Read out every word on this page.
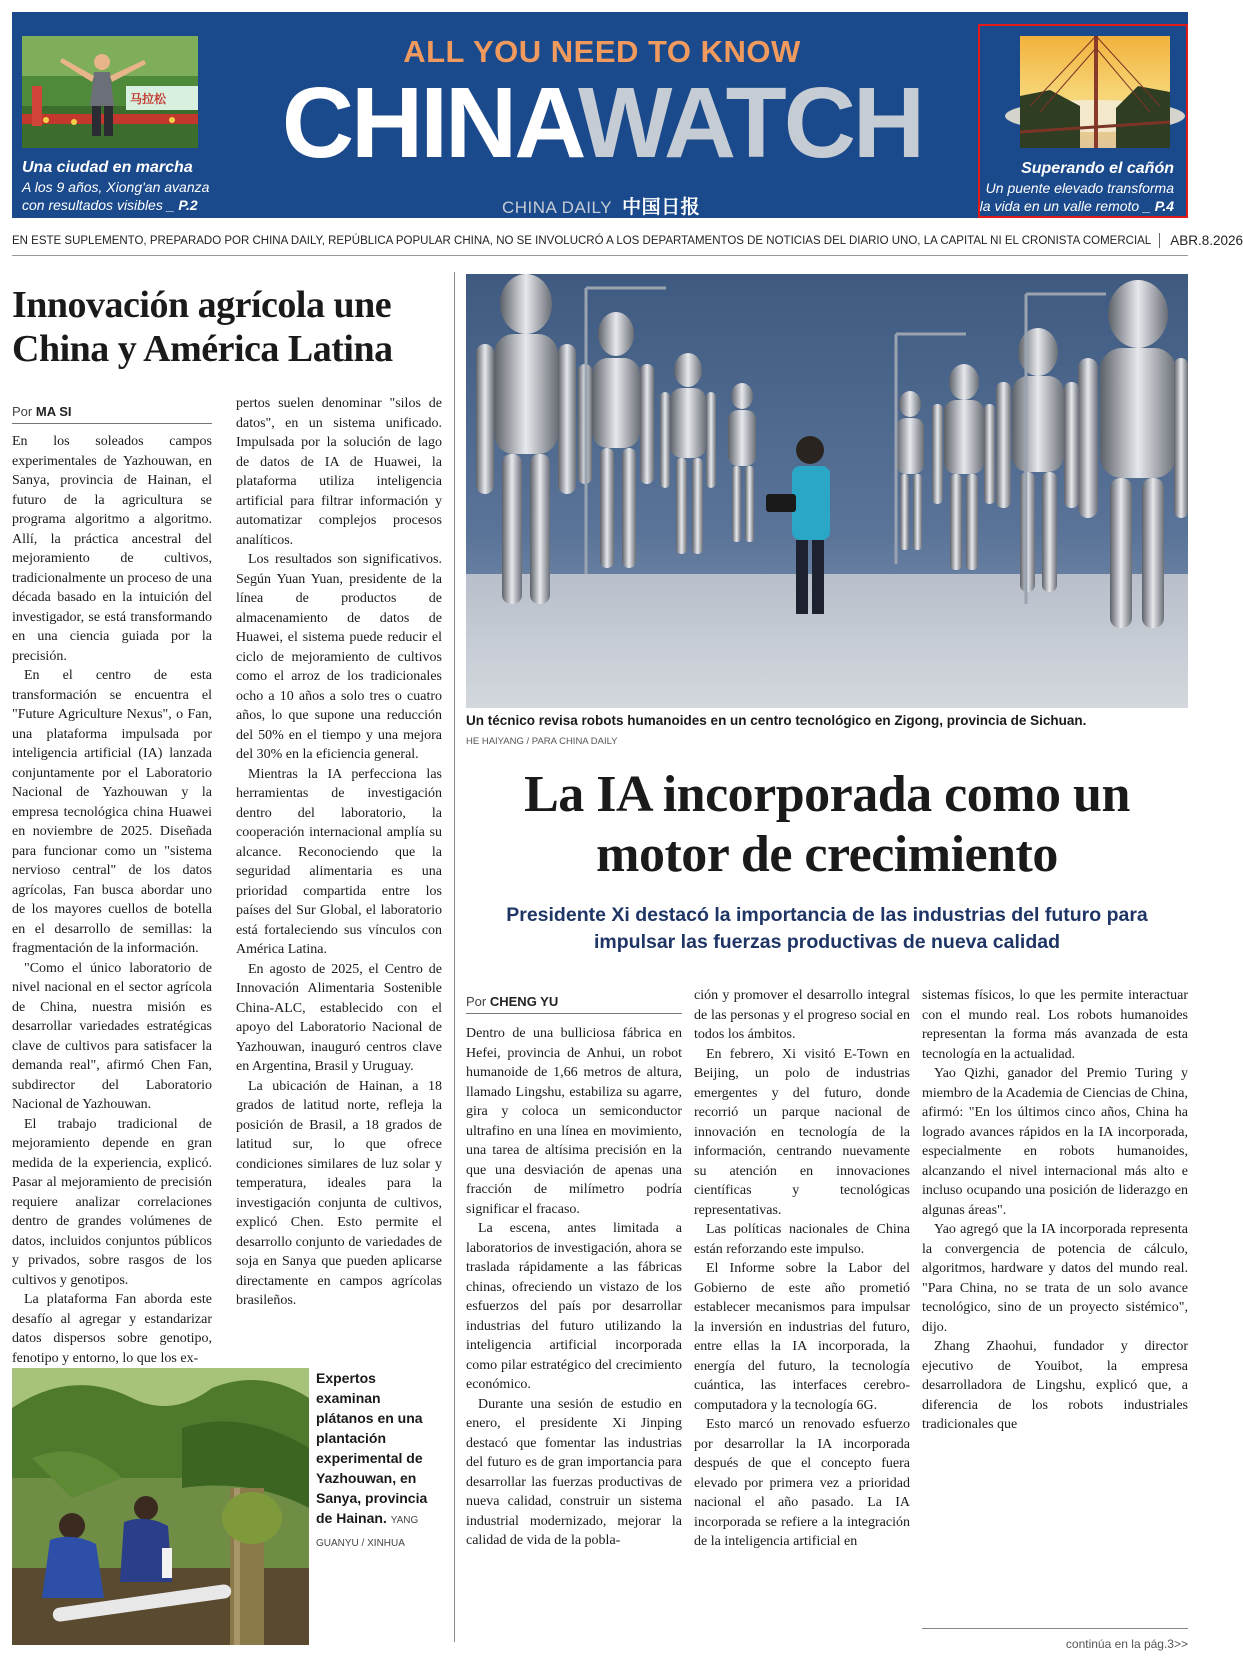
马拉松
Una ciudad en marcha
A los 9 años, Xiong'an avanza con resultados visibles _ P.2
ALL YOU NEED TO KNOW
CHINAWATCH
CHINA DAILY 中国日报
Superando el cañón
Un puente elevado transforma la vida en un valle remoto _ P.4
EN ESTE SUPLEMENTO, PREPARADO POR CHINA DAILY, REPÚBLICA POPULAR CHINA, NO SE INVOLUCRÓ A LOS DEPARTAMENTOS DE NOTICIAS DEL DIARIO UNO, LA CAPITAL NI EL CRONISTA COMERCIAL	ABR.8.2026
Innovación agrícola une China y América Latina
Por MA SI

En los soleados campos experimentales de Yazhouwan, en Sanya, provincia de Hainan, el futuro de la agricultura se programa algoritmo a algoritmo. Allí, la práctica ancestral del mejoramiento de cultivos, tradicionalmente un proceso de una década basado en la intuición del investigador, se está transformando en una ciencia guiada por la precisión.

En el centro de esta transformación se encuentra el "Future Agriculture Nexus", o Fan, una plataforma impulsada por inteligencia artificial (IA) lanzada conjuntamente por el Laboratorio Nacional de Yazhouwan y la empresa tecnológica china Huawei en noviembre de 2025. Diseñada para funcionar como un "sistema nervioso central" de los datos agrícolas, Fan busca abordar uno de los mayores cuellos de botella en el desarrollo de semillas: la fragmentación de la información.

"Como el único laboratorio de nivel nacional en el sector agrícola de China, nuestra misión es desarrollar variedades estratégicas clave de cultivos para satisfacer la demanda real", afirmó Chen Fan, subdirector del Laboratorio Nacional de Yazhouwan.

El trabajo tradicional de mejoramiento depende en gran medida de la experiencia, explicó. Pasar al mejoramiento de precisión requiere analizar correlaciones dentro de grandes volúmenes de datos, incluidos conjuntos públicos y privados, sobre rasgos de los cultivos y genotipos.

La plataforma Fan aborda este desafío al agregar y estandarizar datos dispersos sobre genotipo, fenotipo y entorno, lo que los ex-

pertos suelen denominar "silos de datos", en un sistema unificado. Impulsada por la solución de lago de datos de IA de Huawei, la plataforma utiliza inteligencia artificial para filtrar información y automatizar complejos procesos analíticos.

Los resultados son significativos. Según Yuan Yuan, presidente de la línea de productos de almacenamiento de datos de Huawei, el sistema puede reducir el ciclo de mejoramiento de cultivos como el arroz de los tradicionales ocho a 10 años a solo tres o cuatro años, lo que supone una reducción del 50% en el tiempo y una mejora del 30% en la eficiencia general.

Mientras la IA perfecciona las herramientas de investigación dentro del laboratorio, la cooperación internacional amplía su alcance. Reconociendo que la seguridad alimentaria es una prioridad compartida entre los países del Sur Global, el laboratorio está fortaleciendo sus vínculos con América Latina.

En agosto de 2025, el Centro de Innovación Alimentaria Sostenible China-ALC, establecido con el apoyo del Laboratorio Nacional de Yazhouwan, inauguró centros clave en Argentina, Brasil y Uruguay.

La ubicación de Hainan, a 18 grados de latitud norte, refleja la posición de Brasil, a 18 grados de latitud sur, lo que ofrece condiciones similares de luz solar y temperatura, ideales para la investigación conjunta de cultivos, explicó Chen. Esto permite el desarrollo conjunto de variedades de soja en Sanya que pueden aplicarse directamente en campos agrícolas brasileños.

Expertos examinan plátanos en una plantación experimental de Yazhouwan, en Sanya, provincia de Hainan. YANG GUANYU / XINHUA
Un técnico revisa robots humanoides en un centro tecnológico en Zigong, provincia de Sichuan.
HE HAIYANG / PARA CHINA DAILY
La IA incorporada como un motor de crecimiento
Presidente Xi destacó la importancia de las industrias del futuro para impulsar las fuerzas productivas de nueva calidad
Por CHENG YU

Dentro de una bulliciosa fábrica en Hefei, provincia de Anhui, un robot humanoide de 1,66 metros de altura, llamado Lingshu, estabiliza su agarre, gira y coloca un semiconductor ultrafino en una línea en movimiento, una tarea de altísima precisión en la que una desviación de apenas una fracción de milímetro podría significar el fracaso.

La escena, antes limitada a laboratorios de investigación, ahora se traslada rápidamente a las fábricas chinas, ofreciendo un vistazo de los esfuerzos del país por desarrollar industrias del futuro utilizando la inteligencia artificial incorporada como pilar estratégico del crecimiento económico.

Durante una sesión de estudio en enero, el presidente Xi Jinping destacó que fomentar las industrias del futuro es de gran importancia para desarrollar las fuerzas productivas de nueva calidad, construir un sistema industrial modernizado, mejorar la calidad de vida de la pobla-

ción y promover el desarrollo integral de las personas y el progreso social en todos los ámbitos.

En febrero, Xi visitó E-Town en Beijing, un polo de industrias emergentes y del futuro, donde recorrió un parque nacional de innovación en tecnología de la información, centrando nuevamente su atención en innovaciones científicas y tecnológicas representativas.

Las políticas nacionales de China están reforzando este impulso.

El Informe sobre la Labor del Gobierno de este año prometió establecer mecanismos para impulsar la inversión en industrias del futuro, entre ellas la IA incorporada, la energía del futuro, la tecnología cuántica, las interfaces cerebro-computadora y la tecnología 6G.

Esto marcó un renovado esfuerzo por desarrollar la IA incorporada después de que el concepto fuera elevado por primera vez a prioridad nacional el año pasado. La IA incorporada se refiere a la integración de la inteligencia artificial en

sistemas físicos, lo que les permite interactuar con el mundo real. Los robots humanoides representan la forma más avanzada de esta tecnología en la actualidad.

Yao Qizhi, ganador del Premio Turing y miembro de la Academia de Ciencias de China, afirmó: "En los últimos cinco años, China ha logrado avances rápidos en la IA incorporada, especialmente en robots humanoides, alcanzando el nivel internacional más alto e incluso ocupando una posición de liderazgo en algunas áreas".

Yao agregó que la IA incorporada representa la convergencia de potencia de cálculo, algoritmos, hardware y datos del mundo real. "Para China, no se trata de un solo avance tecnológico, sino de un proyecto sistémico", dijo.

Zhang Zhaohui, fundador y director ejecutivo de Youibot, la empresa desarrolladora de Lingshu, explicó que, a diferencia de los robots industriales tradicionales que

continúa en la pág.3>>
